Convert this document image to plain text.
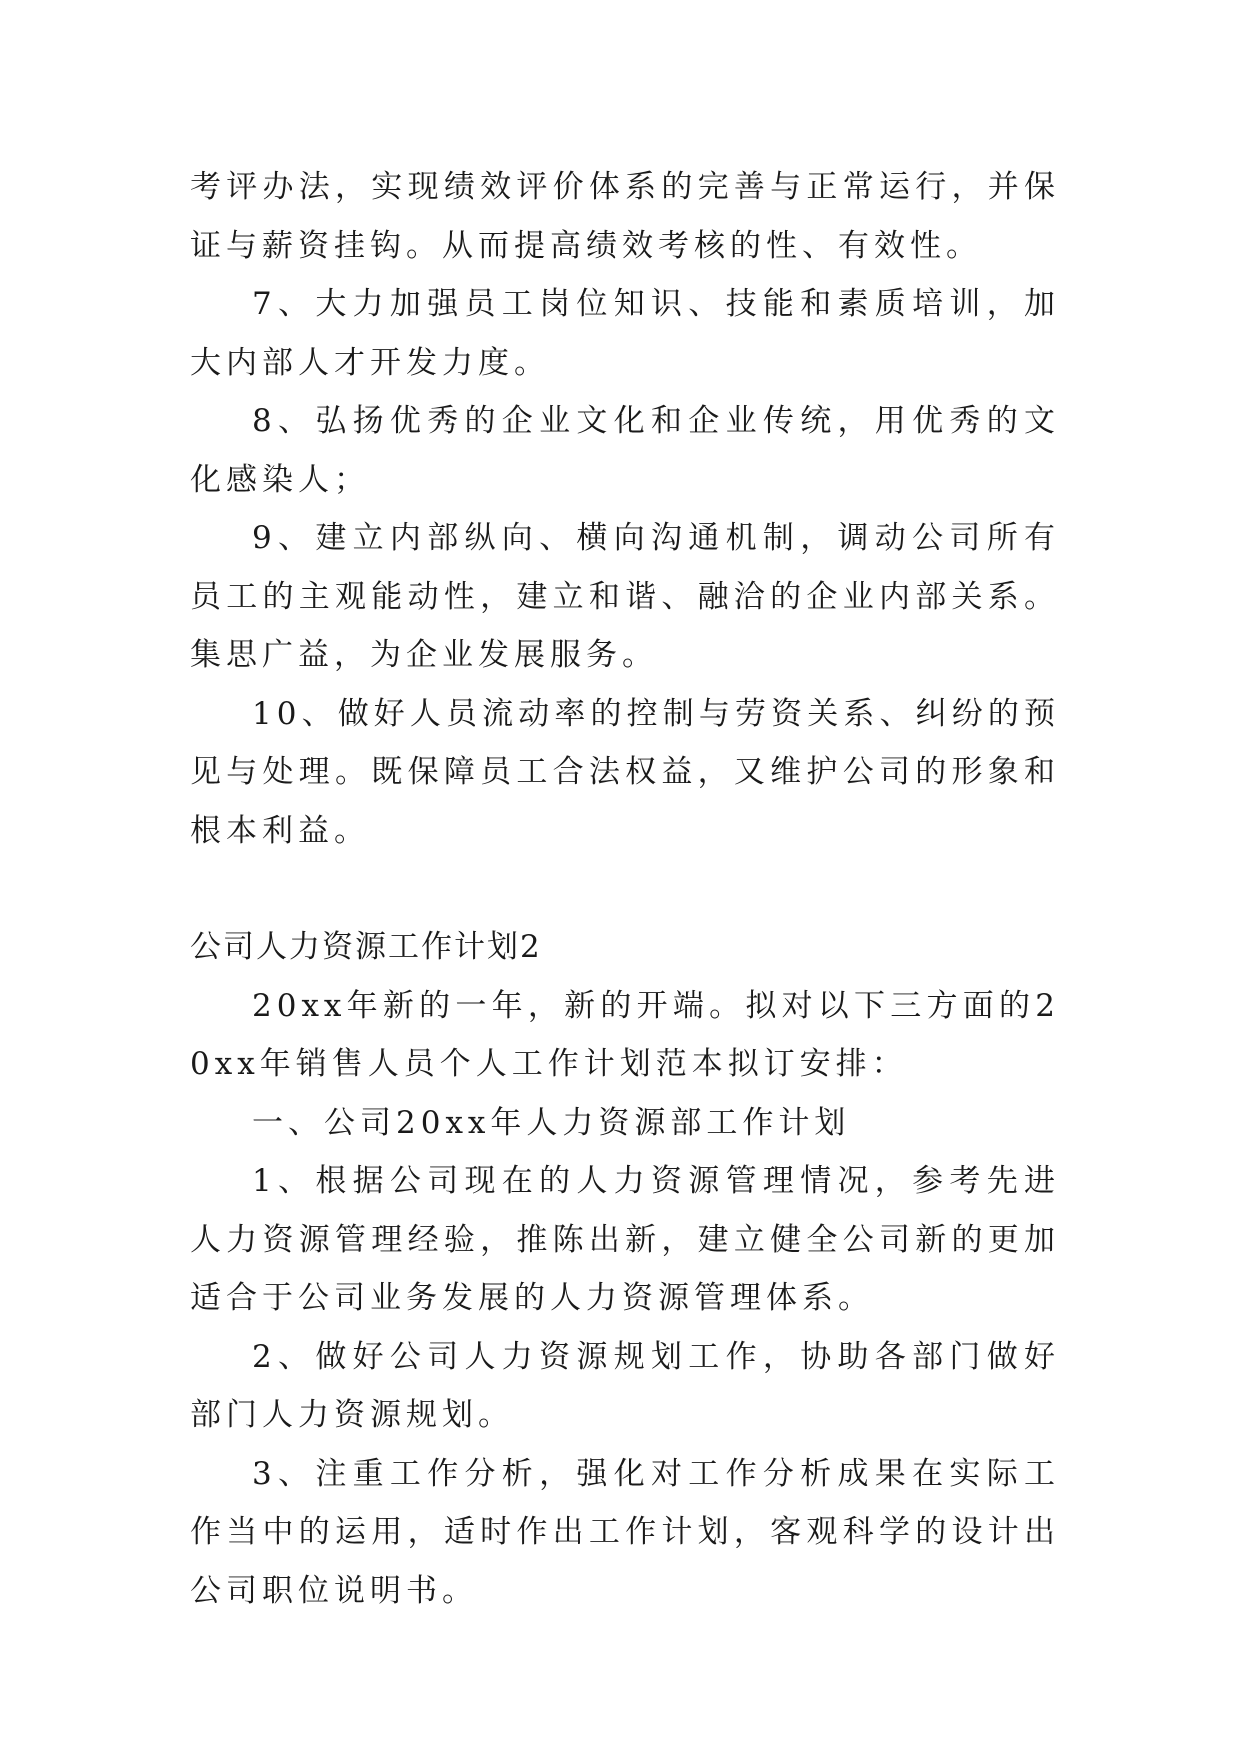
考评办法，实现绩效评价体系的完善与正常运行，并保证与薪资挂钩。从而提高绩效考核的性、有效性。

7、大力加强员工岗位知识、技能和素质培训，加大内部人才开发力度。

8、弘扬优秀的企业文化和企业传统，用优秀的文化感染人；

9、建立内部纵向、横向沟通机制，调动公司所有员工的主观能动性，建立和谐、融洽的企业内部关系。集思广益，为企业发展服务。

10、做好人员流动率的控制与劳资关系、纠纷的预见与处理。既保障员工合法权益，又维护公司的形象和根本利益。

公司人力资源工作计划2

20xx年新的一年，新的开端。拟对以下三方面的20xx年销售人员个人工作计划范本拟订安排：

一、公司20xx年人力资源部工作计划

1、根据公司现在的人力资源管理情况，参考先进人力资源管理经验，推陈出新，建立健全公司新的更加适合于公司业务发展的人力资源管理体系。

2、做好公司人力资源规划工作，协助各部门做好部门人力资源规划。

3、注重工作分析，强化对工作分析成果在实际工作当中的运用，适时作出工作计划，客观科学的设计出公司职位说明书。
